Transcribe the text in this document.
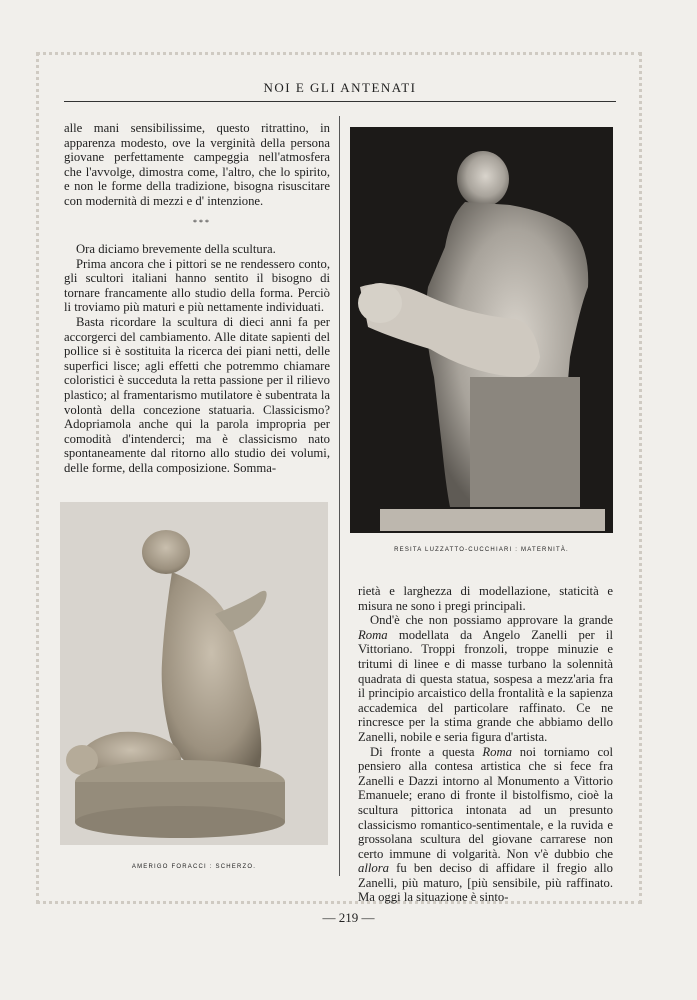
NOI E GLI ANTENATI

alle mani sensibilissime, questo ritrattino, in apparenza modesto, ove la verginità della persona giovane perfettamente campeggia nell'atmosfera che l'avvolge, dimostra come, l'altro, che lo spirito, e non le forme della tradizione, bisogna risuscitare con modernità di mezzi e d' intenzione.

* * *

Ora diciamo brevemente della scultura.

Prima ancora che i pittori se ne rendessero conto, gli scultori italiani hanno sentito il bisogno di tornare francamente allo studio della forma. Perciò li troviamo più maturi e più nettamente individuati.

Basta ricordare la scultura di dieci anni fa per accorgerci del cambiamento. Alle ditate sapienti del pollice si è sostituita la ricerca dei piani netti, delle superfici lisce; agli effetti che potremmo chiamare coloristici è succeduta la retta passione per il rilievo plastico; al framentarismo mutilatore è subentrata la volontà della concezione statuaria. Classicismo? Adopriamola anche qui la parola impropria per comodità d'intenderci; ma è classicismo nato spontaneamente dal ritorno allo studio dei volumi, delle forme, della composizione. Somma-

RESITA LUZZATTO-CUCCHIARI : MATERNITÀ.
AMERIGO FORACCI : SCHERZO.

rietà e larghezza di modellazione, staticità e misura ne sono i pregi principali.

Ond'è che non possiamo approvare la grande Roma modellata da Angelo Zanelli per il Vittoriano. Troppi fronzoli, troppe minuzie e tritumi di linee e di masse turbano la solennità quadrata di questa statua, sospesa a mezz'aria fra il principio arcaistico della frontalità e la sapienza accademica del particolare raffinato. Ce ne rincresce per la stima grande che abbiamo dello Zanelli, nobile e seria figura d'artista.

Di fronte a questa Roma noi torniamo col pensiero alla contesa artistica che si fece fra Zanelli e Dazzi intorno al Monumento a Vittorio Emanuele; erano di fronte il bistolfismo, cioè la scultura pittorica intonata ad un presunto classicismo romantico-sentimentale, e la ruvida e grossolana scultura del giovane carrarese non certo immune di volgarità. Non v'è dubbio che allora fu ben deciso di affidare il fregio allo Zanelli, più maturo, [più sensibile, più raffinato. Ma oggi la situazione è sinto-

— 219 —
